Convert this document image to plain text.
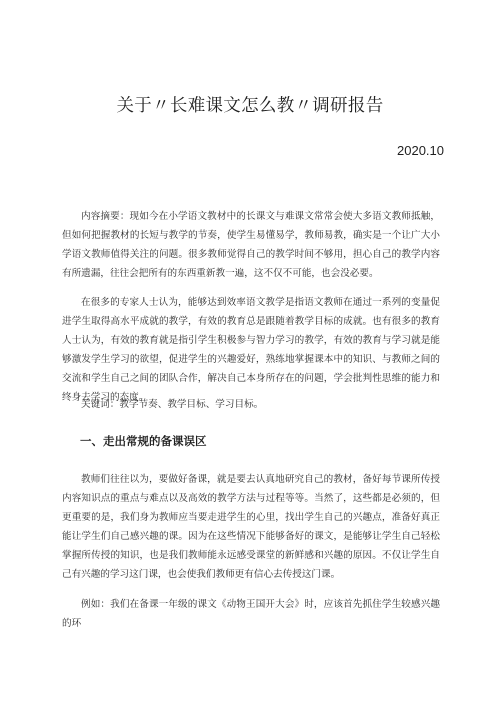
关于〃长难课文怎么教〃调研报告
2020.10

内容摘要：现如今在小学语文教材中的长课文与难课文常常会使大多语文教师抵触，但如何把握教材的长短与教学的节奏，使学生易懂易学，教师易教，确实是一个让广大小学语文教师值得关注的问题。很多教师觉得自己的教学时间不够用，担心自己的教学内容有所遗漏，往往会把所有的东西重新教一遍，这不仅不可能，也会没必要。

在很多的专家人士认为，能够达到效率语文教学是指语文教师在通过一系列的变量促进学生取得高水平成就的教学，有效的教育总是跟随着教学目标的成就。也有很多的教育人士认为，有效的教育就是指引学生积极参与智力学习的教学，有效的教育与学习就是能够激发学生学习的欲望，促进学生的兴趣爱好，熟练地掌握课本中的知识、与教师之间的交流和学生自己之间的团队合作，解决自己本身所存在的问题，学会批判性思维的能力和终身去学习的态度。

关键词：教学节奏、教学目标、学习目标。

一、走出常规的备课误区

教师们往往以为，要做好备课，就是要去认真地研究自己的教材，备好每节课所传授内容知识点的重点与难点以及高效的教学方法与过程等等。当然了，这些都是必须的，但更重要的是，我们身为教师应当要走进学生的心里，找出学生自己的兴趣点，准备好真正能让学生们自己感兴趣的课。因为在这些情况下能够备好的课文，是能够让学生自己轻松掌握所传授的知识，也是我们教师能永远感受课堂的新鲜感和兴趣的原因。不仅让学生自己有兴趣的学习这门课，也会使我们教师更有信心去传授这门课。

例如：我们在备课一年级的课文《动物王国开大会》时，应该首先抓住学生较感兴趣的环
